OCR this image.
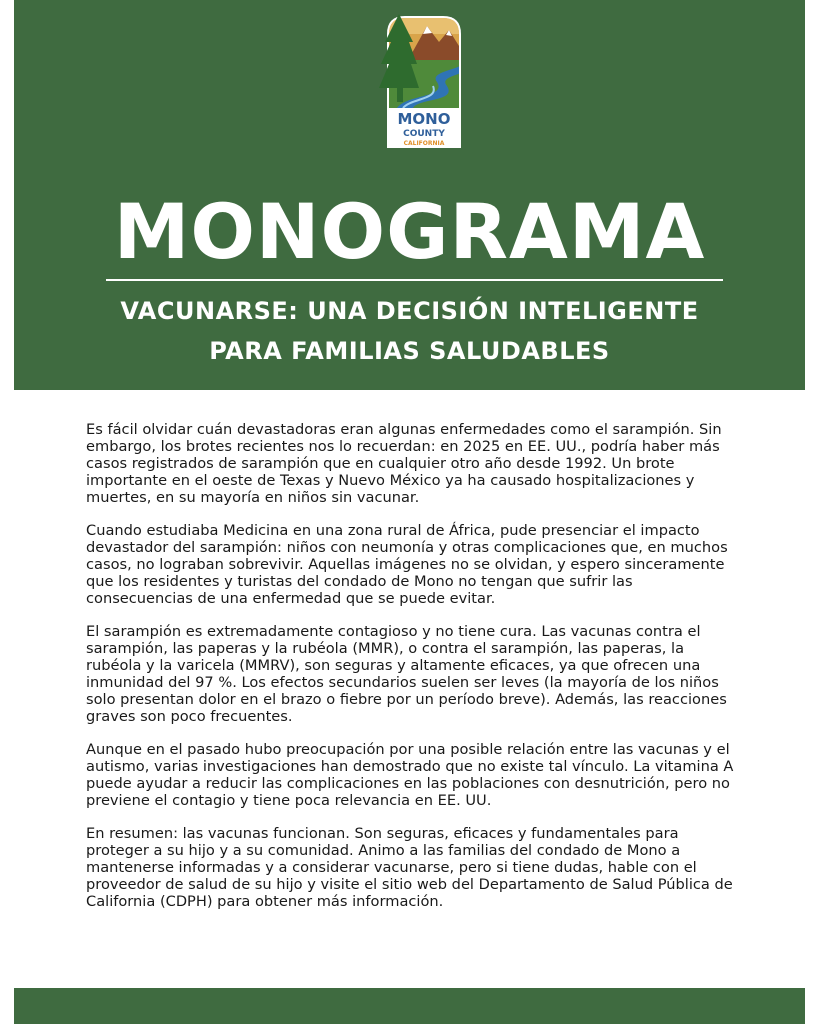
MONO
COUNTY
CALIFORNIA
MONOGRAMA
VACUNARSE: UNA DECISIÓN INTELIGENTE
PARA FAMILIAS SALUDABLES

Es fácil olvidar cuán devastadoras eran algunas enfermedades como el sarampión. Sin embargo, los brotes recientes nos lo recuerdan: en 2025 en EE. UU., podría haber más casos registrados de sarampión que en cualquier otro año desde 1992. Un brote importante en el oeste de Texas y Nuevo México ya ha causado hospitalizaciones y muertes, en su mayoría en niños sin vacunar.

Cuando estudiaba Medicina en una zona rural de África, pude presenciar el impacto devastador del sarampión: niños con neumonía y otras complicaciones que, en muchos casos, no lograban sobrevivir. Aquellas imágenes no se olvidan, y espero sinceramente que los residentes y turistas del condado de Mono no tengan que sufrir las consecuencias de una enfermedad que se puede evitar.

El sarampión es extremadamente contagioso y no tiene cura. Las vacunas contra el sarampión, las paperas y la rubéola (MMR), o contra el sarampión, las paperas, la rubéola y la varicela (MMRV), son seguras y altamente eficaces, ya que ofrecen una inmunidad del 97 %. Los efectos secundarios suelen ser leves (la mayoría de los niños solo presentan dolor en el brazo o fiebre por un período breve). Además, las reacciones graves son poco frecuentes.

Aunque en el pasado hubo preocupación por una posible relación entre las vacunas y el autismo, varias investigaciones han demostrado que no existe tal vínculo. La vitamina A puede ayudar a reducir las complicaciones en las poblaciones con desnutrición, pero no previene el contagio y tiene poca relevancia en EE. UU.

En resumen: las vacunas funcionan. Son seguras, eficaces y fundamentales para proteger a su hijo y a su comunidad. Animo a las familias del condado de Mono a mantenerse informadas y a considerar vacunarse, pero si tiene dudas, hable con el proveedor de salud de su hijo y visite el sitio web del Departamento de Salud Pública de California (CDPH) para obtener más información.
